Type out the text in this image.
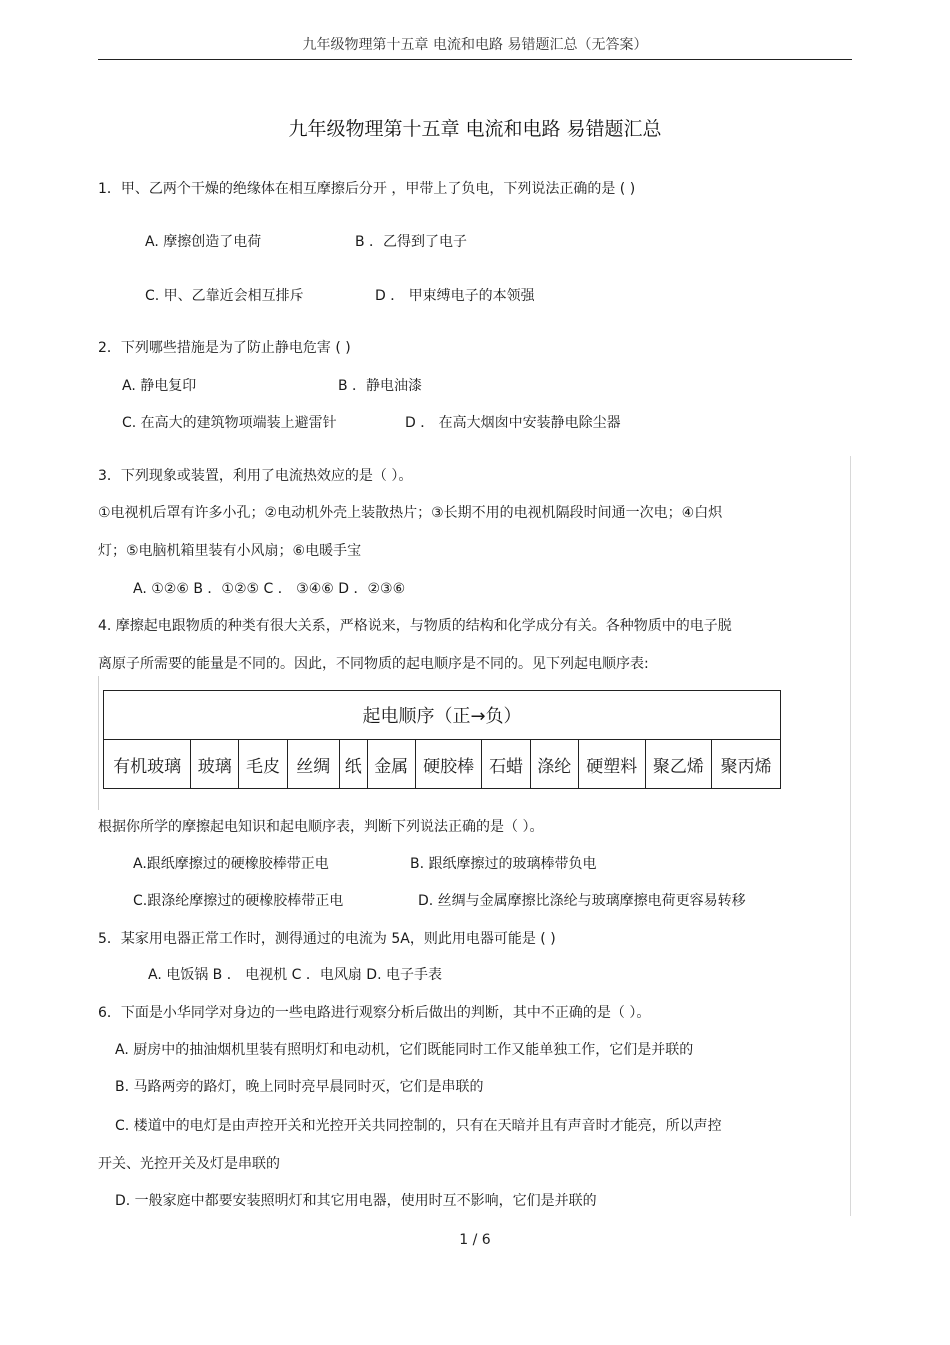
九年级物理第十五章 电流和电路 易错题汇总（无答案）
九年级物理第十五章 电流和电路 易错题汇总
1．甲、乙两个干燥的绝缘体在相互摩擦后分开 ，甲带上了负电，下列说法正确的是 ( )
A. 摩擦创造了电荷	B ．乙得到了电子
C. 甲、乙靠近会相互排斥	D ． 甲束缚电子的本领强
2．下列哪些措施是为了防止静电危害 ( )
A. 静电复印	B ．静电油漆
C. 在高大的建筑物项端装上避雷针	D ． 在高大烟囱中安装静电除尘器
3．下列现象或装置，利用了电流热效应的是（ ）。
①电视机后罩有许多小孔；②电动机外壳上装散热片；③长期不用的电视机隔段时间通一次电；④白炽
灯；⑤电脑机箱里装有小风扇；⑥电暖手宝
A. ①②⑥ B ．①②⑤ C ． ③④⑥ D ．②③⑥
4. 摩擦起电跟物质的种类有很大关系，严格说来，与物质的结构和化学成分有关。各种物质中的电子脱
离原子所需要的能量是不同的。因此，不同物质的起电顺序是不同的。见下列起电顺序表:
起电顺序（正→负）
有机玻璃	玻璃	毛皮	丝绸	纸	金属	硬胶棒	石蜡	涤纶	硬塑料	聚乙烯	聚丙烯
根据你所学的摩擦起电知识和起电顺序表，判断下列说法正确的是（ ）。
A.跟纸摩擦过的硬橡胶棒带正电	B. 跟纸摩擦过的玻璃棒带负电
C.跟涤纶摩擦过的硬橡胶棒带正电	D. 丝绸与金属摩擦比涤纶与玻璃摩擦电荷更容易转移
5．某家用电器正常工作时，测得通过的电流为 5A，则此用电器可能是 ( )
A. 电饭锅 B ． 电视机 C ．电风扇 D. 电子手表
6．下面是小华同学对身边的一些电路进行观察分析后做出的判断，其中不正确的是（ ）。
A. 厨房中的抽油烟机里装有照明灯和电动机，它们既能同时工作又能单独工作，它们是并联的
B. 马路两旁的路灯，晚上同时亮早晨同时灭，它们是串联的
C. 楼道中的电灯是由声控开关和光控开关共同控制的，只有在天暗并且有声音时才能亮，所以声控
开关、光控开关及灯是串联的
D. 一般家庭中都要安装照明灯和其它用电器，使用时互不影响，它们是并联的
1 / 6
